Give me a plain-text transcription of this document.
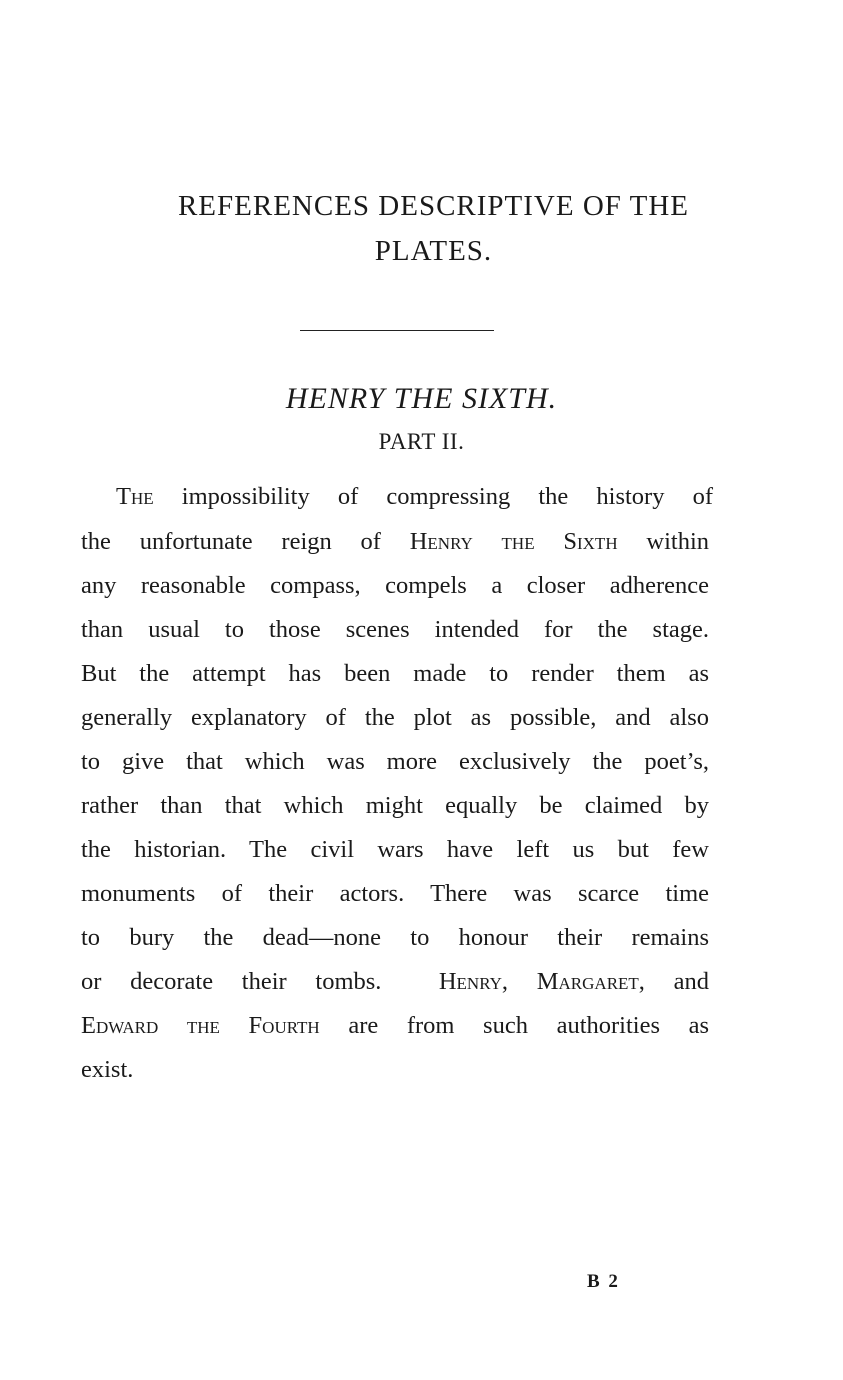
REFERENCES DESCRIPTIVE OF THE
PLATES.
HENRY THE SIXTH.
PART II.
The impossibility of compressing the history of
the unfortunate reign of Henry the Sixth within
any reasonable compass, compels a closer adherence
than usual to those scenes intended for the stage.
But the attempt has been made to render them as
generally explanatory of the plot as possible, and also
to give that which was more exclusively the poet’s,
rather than that which might equally be claimed by
the historian. The civil wars have left us but few
monuments of their actors. There was scarce time
to bury the dead—none to honour their remains
or decorate their tombs.  Henry, Margaret, and
Edward the Fourth are from such authorities as
exist.
B 2
